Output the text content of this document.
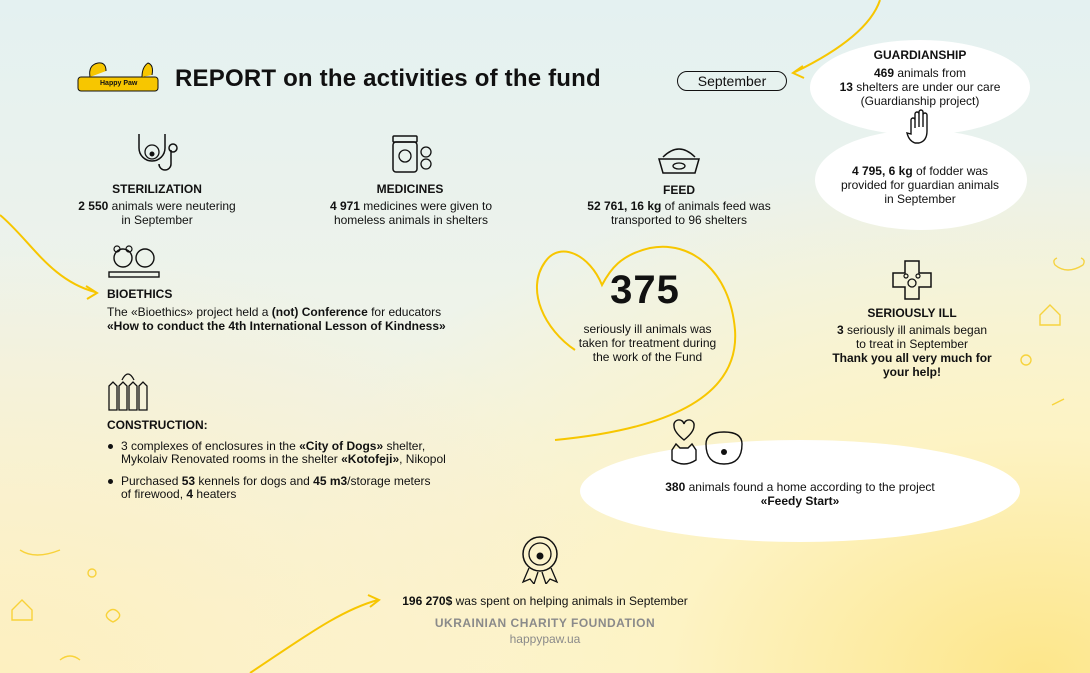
Happy Paw REPORT on the activities of the fund	September
GUARDIANSHIP
469 animals from
13 shelters are under our care
(Guardianship project)
4 795, 6 kg of fodder was
provided for guardian animals
in September
STERILIZATION
2 550 animals were neutering
in September
MEDICINES
4 971 medicines were given to
homeless animals in shelters
FEED
52 761, 16 kg of animals feed was
transported to 96 shelters
BIOETHICS
The «Bioethics» project held a (not) Conference for educators
«How to conduct the 4th International Lesson of Kindness»
375
seriously ill animals was
taken for treatment during
the work of the Fund
SERIOUSLY ILL
3 seriously ill animals began
to treat in September
Thank you all very much for
your help!
CONSTRUCTION:
3 complexes of enclosures in the «City of Dogs» shelter,
Mykolaiv Renovated rooms in the shelter «Kotofeji», Nikopol
Purchased 53 kennels for dogs and 45 m3/storage meters
of firewood, 4 heaters	380 animals found a home according to the project
«Feedy Start»
196 270$ was spent on helping animals in September
UKRAINIAN CHARITY FOUNDATION
happypaw.ua
